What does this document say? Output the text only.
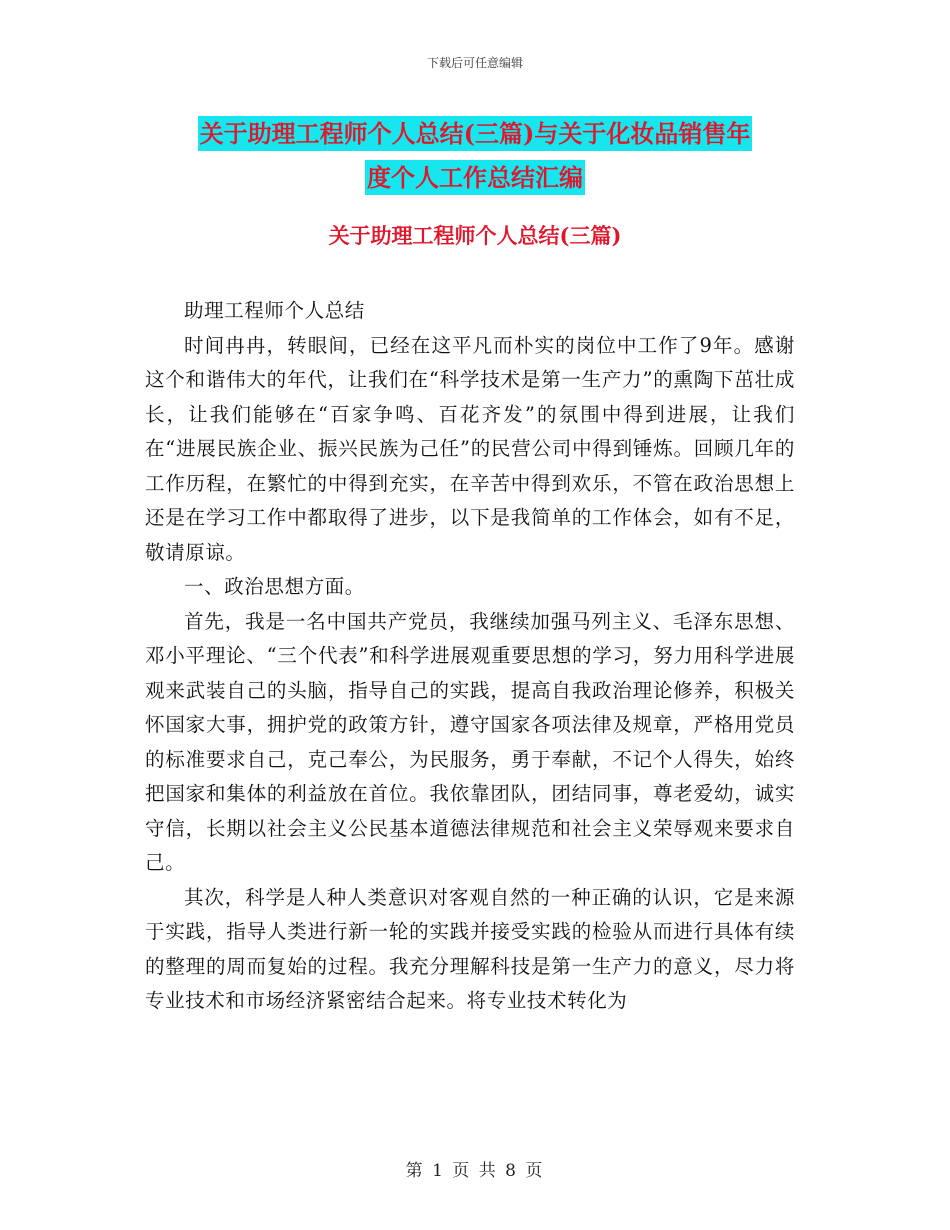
下载后可任意编辑
关于助理工程师个人总结(三篇)与关于化妆品销售年
度个人工作总结汇编
关于助理工程师个人总结(三篇)

助理工程师个人总结

时间冉冉，转眼间，已经在这平凡而朴实的岗位中工作了9年。感谢这个和谐伟大的年代，让我们在“科学技术是第一生产力”的熏陶下茁壮成长，让我们能够在“百家争鸣、百花齐发”的氛围中得到进展，让我们在“进展民族企业、振兴民族为己任”的民营公司中得到锤炼。回顾几年的工作历程，在繁忙的中得到充实，在辛苦中得到欢乐，不管在政治思想上还是在学习工作中都取得了进步，以下是我简单的工作体会，如有不足，敬请原谅。

一、政治思想方面。

首先，我是一名中国共产党员，我继续加强马列主义、毛泽东思想、邓小平理论、“三个代表”和科学进展观重要思想的学习，努力用科学进展观来武装自己的头脑，指导自己的实践，提高自我政治理论修养，积极关怀国家大事，拥护党的政策方针，遵守国家各项法律及规章，严格用党员的标准要求自己，克己奉公，为民服务，勇于奉献，不记个人得失，始终把国家和集体的利益放在首位。我依靠团队，团结同事，尊老爱幼，诚实守信，长期以社会主义公民基本道德法律规范和社会主义荣辱观来要求自己。

其次，科学是人种人类意识对客观自然的一种正确的认识，它是来源于实践，指导人类进行新一轮的实践并接受实践的检验从而进行具体有续的整理的周而复始的过程。我充分理解科技是第一生产力的意义，尽力将专业技术和市场经济紧密结合起来。将专业技术转化为

第 1 页 共 8 页
